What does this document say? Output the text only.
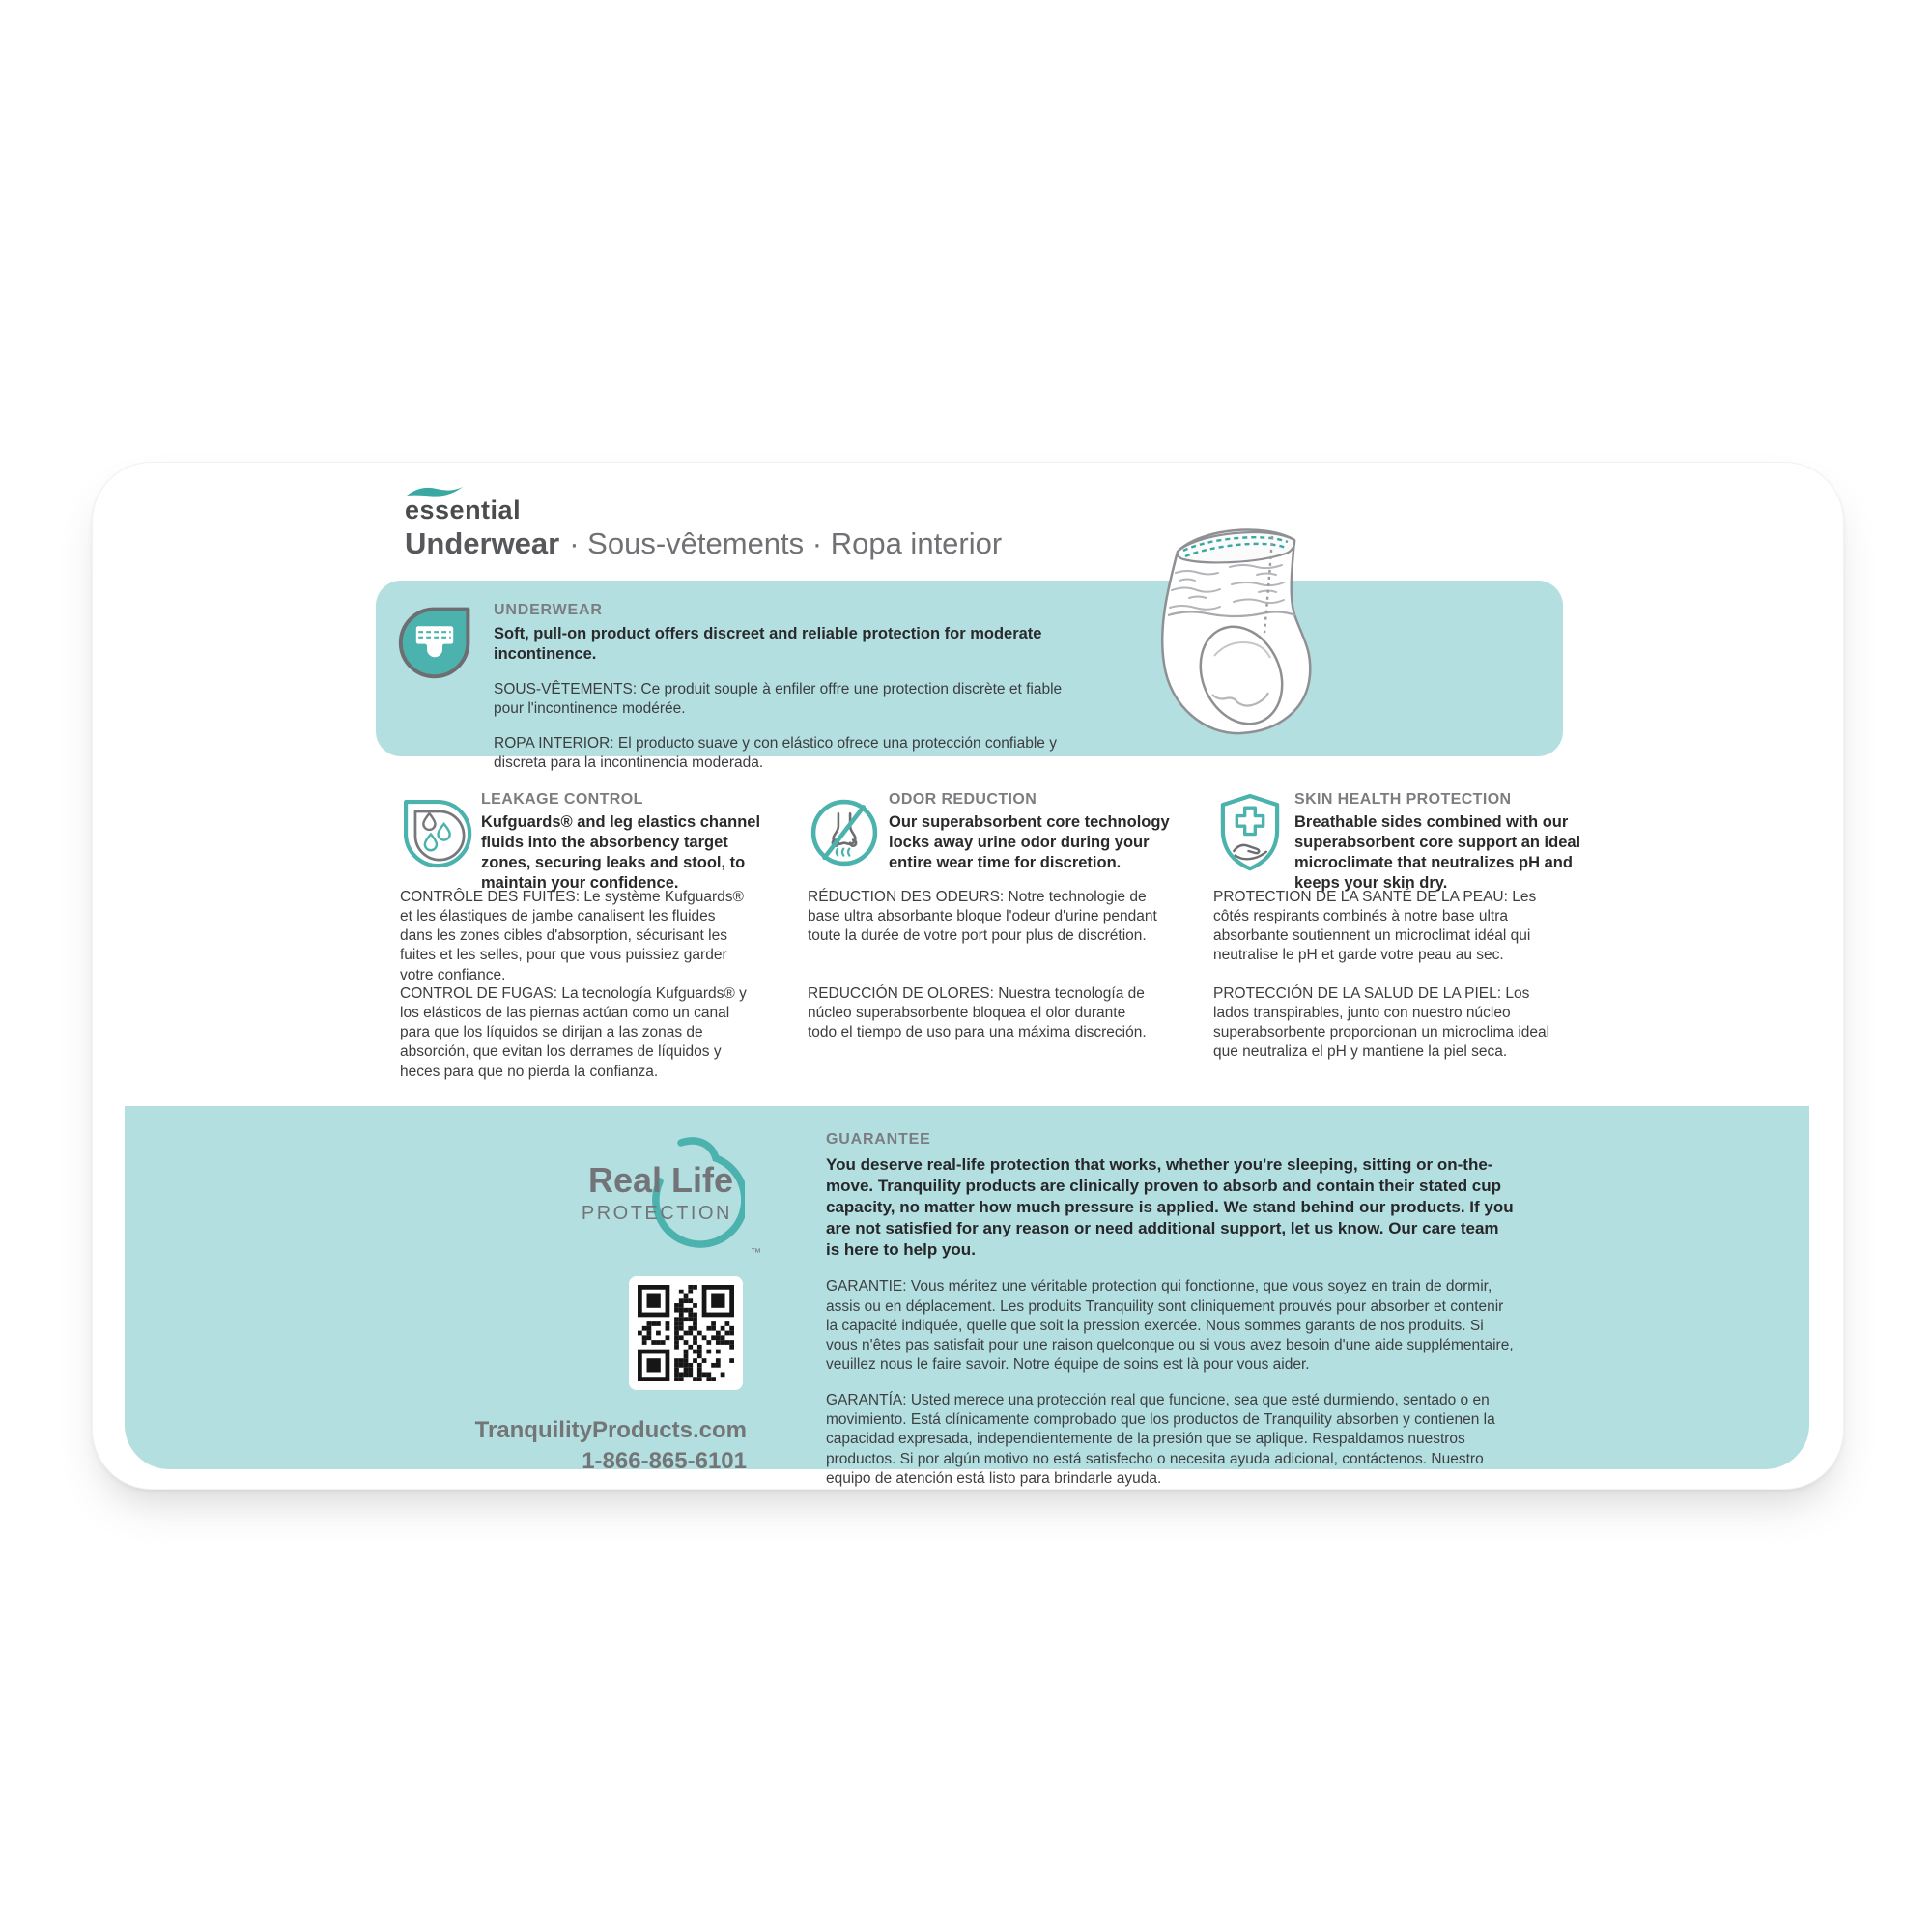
essential
Underwear · Sous-vêtements · Ropa interior
UNDERWEAR
Soft, pull-on product offers discreet and reliable protection for moderate incontinence.
SOUS-VÊTEMENTS: Ce produit souple à enfiler offre une protection discrète et fiable pour l'incontinence modérée.
ROPA INTERIOR: El producto suave y con elástico ofrece una protección confiable y discreta para la incontinencia moderada.
LEAKAGE CONTROL
Kufguards® and leg elastics channel fluids into the absorbency target zones, securing leaks and stool, to maintain your confidence.
CONTRÔLE DES FUITES: Le système Kufguards® et les élastiques de jambe canalisent les fluides dans les zones cibles d'absorption, sécurisant les fuites et les selles, pour que vous puissiez garder votre confiance.
CONTROL DE FUGAS: La tecnología Kufguards® y los elásticos de las piernas actúan como un canal para que los líquidos se dirijan a las zonas de absorción, que evitan los derrames de líquidos y heces para que no pierda la confianza.
ODOR REDUCTION
Our superabsorbent core technology locks away urine odor during your entire wear time for discretion.
RÉDUCTION DES ODEURS: Notre technologie de base ultra absorbante bloque l'odeur d'urine pendant toute la durée de votre port pour plus de discrétion.
REDUCCIÓN DE OLORES: Nuestra tecnología de núcleo superabsorbente bloquea el olor durante todo el tiempo de uso para una máxima discreción.
SKIN HEALTH PROTECTION
Breathable sides combined with our superabsorbent core support an ideal microclimate that neutralizes pH and keeps your skin dry.
PROTECTION DE LA SANTÉ DE LA PEAU: Les côtés respirants combinés à notre base ultra absorbante soutiennent un microclimat idéal qui neutralise le pH et garde votre peau au sec.
PROTECCIÓN DE LA SALUD DE LA PIEL: Los lados transpirables, junto con nuestro núcleo superabsorbente proporcionan un microclima ideal que neutraliza el pH y mantiene la piel seca.
Real Life
PROTECTION
™
TranquilityProducts.com
1-866-865-6101
GUARANTEE
You deserve real-life protection that works, whether you're sleeping, sitting or on-the-move. Tranquility products are clinically proven to absorb and contain their stated cup capacity, no matter how much pressure is applied. We stand behind our products. If you are not satisfied for any reason or need additional support, let us know. Our care team is here to help you.
GARANTIE: Vous méritez une véritable protection qui fonctionne, que vous soyez en train de dormir, assis ou en déplacement. Les produits Tranquility sont cliniquement prouvés pour absorber et contenir la capacité indiquée, quelle que soit la pression exercée. Nous sommes garants de nos produits. Si vous n'êtes pas satisfait pour une raison quelconque ou si vous avez besoin d'une aide supplémentaire, veuillez nous le faire savoir. Notre équipe de soins est là pour vous aider.
GARANTÍA: Usted merece una protección real que funcione, sea que esté durmiendo, sentado o en movimiento. Está clínicamente comprobado que los productos de Tranquility absorben y contienen la capacidad expresada, independientemente de la presión que se aplique. Respaldamos nuestros productos. Si por algún motivo no está satisfecho o necesita ayuda adicional, contáctenos. Nuestro equipo de atención está listo para brindarle ayuda.
